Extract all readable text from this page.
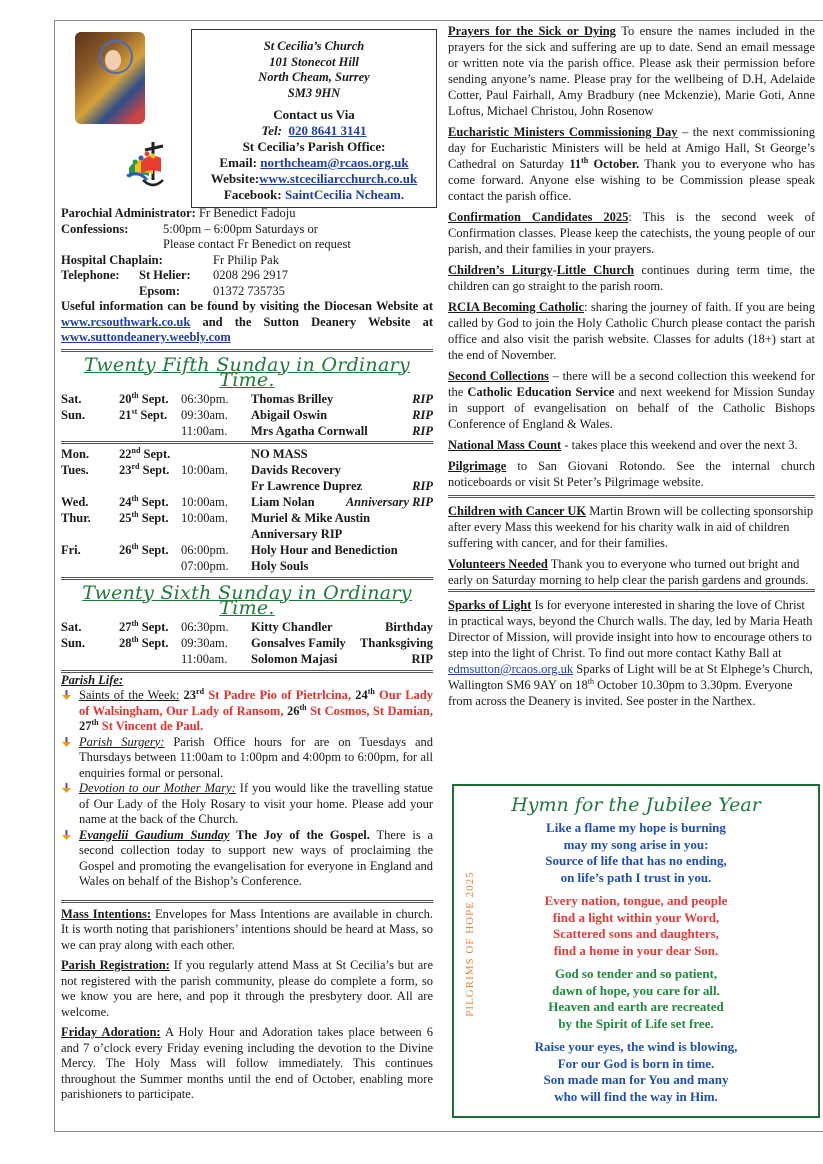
St Cecilia’s Church
101 Stonecot Hill
North Cheam, Surrey
SM3 9HN
Contact us Via
Tel: 020 8641 3141
St Cecilia’s Parish Office:
Email: northcheam@rcaos.org.uk
Website:www.stceciliarcchurch.co.uk
Facebook: SaintCecilia Ncheam.
Parochial Administrator:
Fr Benedict Fadoju
Confessions:	5:00pm – 6:00pm Saturdays or
Please contact Fr Benedict on request
Hospital Chaplain:	Fr Philip Pak
Telephone:	St Helier:	0208 296 2917
Epsom:	01372 735735
Useful information can be found by visiting the Diocesan Website at www.rcsouthwark.co.uk and the Sutton Deanery Website at www.suttondeanery.weebly.com
Twenty Fifth Sunday in Ordinary Time.
Sat.	20th Sept.	06:30pm.	Thomas Brilley	RIP
Sun.	21st Sept.	09:30am.	Abigail Oswin	RIP
11:00am.	Mrs Agatha Cornwall	RIP
Mon.	22nd Sept.	NO MASS
Tues.	23rd Sept. 10:00am.	Davids Recovery
Fr Lawrence Duprez	RIP
Wed.	24th Sept.	10:00am.	Liam Nolan	Anniversary RIP
Thur.	25th Sept.	10:00am.	Muriel & Mike Austin
Anniversary RIP
Fri.	26th Sept.	06:00pm.	Holy Hour and Benediction
07:00pm.	Holy Souls
Twenty Sixth Sunday in Ordinary Time.
Sat.	27th Sept.	06:30pm.	Kitty Chandler	Birthday
Sun.	28th Sept.	09:30am.	Gonsalves Family	Thanksgiving
11:00am.	Solomon Majasi	RIP
Parish Life:
Saints of the Week: 23rd St Padre Pio of Pietrlcina, 24th Our Lady of Walsingham, Our Lady of Ransom, 26th St Cosmos, St Damian, 27th St Vincent de Paul.
Parish Surgery: Parish Office hours for are on Tuesdays and Thursdays between 11:00am to 1:00pm and 4:00pm to 6:00pm, for all enquiries formal or personal.
Devotion to our Mother Mary: If you would like the travelling statue of Our Lady of the Holy Rosary to visit your home. Please add your name at the back of the Church.
Evangelii Gaudium Sunday The Joy of the Gospel. There is a second collection today to support new ways of proclaiming the Gospel and promoting the evangelisation for everyone in England and Wales on behalf of the Bishop’s Conference.

Mass Intentions: Envelopes for Mass Intentions are available in church. It is worth noting that parishioners’ intentions should be heard at Mass, so we can pray along with each other.

Parish Registration: If you regularly attend Mass at St Cecilia’s but are not registered with the parish community, please do complete a form, so we know you are here, and pop it through the presbytery door. All are welcome.

Friday Adoration: A Holy Hour and Adoration takes place between 6 and 7 o’clock every Friday evening including the devotion to the Divine Mercy. The Holy Mass will follow immediately. This continues throughout the Summer months until the end of October, enabling more parishioners to participate.

Prayers for the Sick or Dying To ensure the names included in the prayers for the sick and suffering are up to date. Send an email message or written note via the parish office. Please ask their permission before sending anyone’s name. Please pray for the wellbeing of D.H, Adelaide Cotter, Paul Fairhall, Amy Bradbury (nee Mckenzie), Marie Goti, Anne Loftus, Michael Christou, John Rosenow

Eucharistic Ministers Commissioning Day – the next commissioning day for Eucharistic Ministers will be held at Amigo Hall, St George’s Cathedral on Saturday 11th October. Thank you to everyone who has come forward. Anyone else wishing to be Commission please speak contact the parish office.

Confirmation Candidates 2025: This is the second week of Confirmation classes. Please keep the catechists, the young people of our parish, and their families in your prayers.

Children’s Liturgy-Little Church continues during term time, the children can go straight to the parish room.

RCIA Becoming Catholic: sharing the journey of faith. If you are being called by God to join the Holy Catholic Church please contact the parish office and also visit the parish website. Classes for adults (18+) start at the end of November.

Second Collections – there will be a second collection this weekend for the Catholic Education Service and next weekend for Mission Sunday in support of evangelisation on behalf of the Catholic Bishops Conference of England & Wales.

National Mass Count - takes place this weekend and over the next 3.

Pilgrimage to San Giovani Rotondo. See the internal church noticeboards or visit St Peter’s Pilgrimage website.

Children with Cancer UK Martin Brown will be collecting sponsorship after every Mass this weekend for his charity walk in aid of children suffering with cancer, and for their families.

Volunteers Needed Thank you to everyone who turned out bright and early on Saturday morning to help clear the parish gardens and grounds.

Sparks of Light Is for everyone interested in sharing the love of Christ in practical ways, beyond the Church walls. The day, led by Maria Heath Director of Mission, will provide insight into how to encourage others to step into the light of Christ. To find out more contact Kathy Ball at edmsutton@rcaos.org.uk Sparks of Light will be at St Elphege’s Church, Wallington SM6 9AY on 18th October 10.30pm to 3.30pm. Everyone from across the Deanery is invited. See poster in the Narthex.

PILGRIMS OF HOPE 2025
Hymn for the Jubilee Year
Like a flame my hope is burning
may my song arise in you:
Source of life that has no ending,
on life’s path I trust in you.
Every nation, tongue, and people
find a light within your Word,
Scattered sons and daughters,
find a home in your dear Son.
God so tender and so patient,
dawn of hope, you care for all.
Heaven and earth are recreated
by the Spirit of Life set free.
Raise your eyes, the wind is blowing,
For our God is born in time.
Son made man for You and many
who will find the way in Him.
